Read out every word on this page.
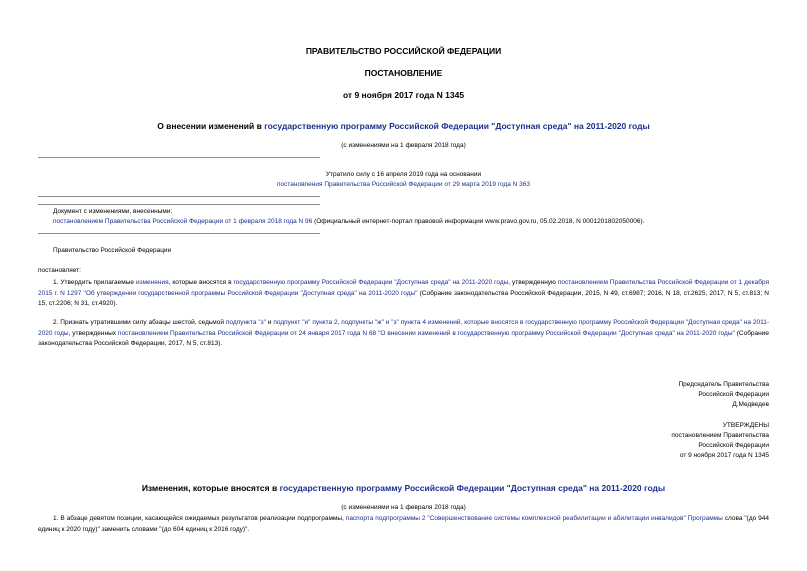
ПРАВИТЕЛЬСТВО РОССИЙСКОЙ ФЕДЕРАЦИИ
ПОСТАНОВЛЕНИЕ
от 9 ноября 2017 года N 1345
О внесении изменений в государственную программу Российской Федерации "Доступная среда" на 2011-2020 годы
(с изменениями на 1 февраля 2018 года)
Утратило силу с 16 апреля 2019 года на основании
постановления Правительства Российской Федерации от 29 марта 2019 года N 363
Документ с изменениями, внесенными:
постановлением Правительства Российской Федерации от 1 февраля 2018 года N 96 (Официальный интернет-портал правовой информации www.pravo.gov.ru, 05.02.2018, N 0001201802050006).
Правительство Российской Федерации
постановляет:
1. Утвердить прилагаемые изменения, которые вносятся в государственную программу Российской Федерации "Доступная среда" на 2011-2020 годы, утвержденную постановлением Правительства Российской Федерации от 1 декабря 2015 г. N 1297 "Об утверждении государственной программы Российской Федерации "Доступная среда" на 2011-2020 годы" (Собрание законодательства Российской Федерации, 2015, N 49, ст.6987; 2016, N 18, ст.2625; 2017, N 5, ст.813; N 15, ст.2206; N 31, ст.4920).
2. Признать утратившими силу абзацы шестой, седьмой подпункта "з" и подпункт "и" пункта 2, подпункты "ж" и "з" пункта 4 изменений, которые вносятся в государственную программу Российской Федерации "Доступная среда" на 2011-2020 годы, утвержденных постановлением Правительства Российской Федерации от 24 января 2017 года N 68 "О внесении изменений в государственную программу Российской Федерации "Доступная среда" на 2011-2020 годы" (Собрание законодательства Российской Федерации, 2017, N 5, ст.813).
Председатель Правительства
Российской Федерации
Д.Медведев
УТВЕРЖДЕНЫ
постановлением Правительства
Российской Федерации
от 9 ноября 2017 года N 1345
Изменения, которые вносятся в государственную программу Российской Федерации "Доступная среда" на 2011-2020 годы
(с изменениями на 1 февраля 2018 года)
1. В абзаце девятом позиции, касающейся ожидаемых результатов реализации подпрограммы, паспорта подпрограммы 2 "Совершенствование системы комплексной реабилитации и абилитации инвалидов" Программы слова "(до 944 единиц к 2020 году)" заменить словами "(до 604 единиц к 2016 году)".
